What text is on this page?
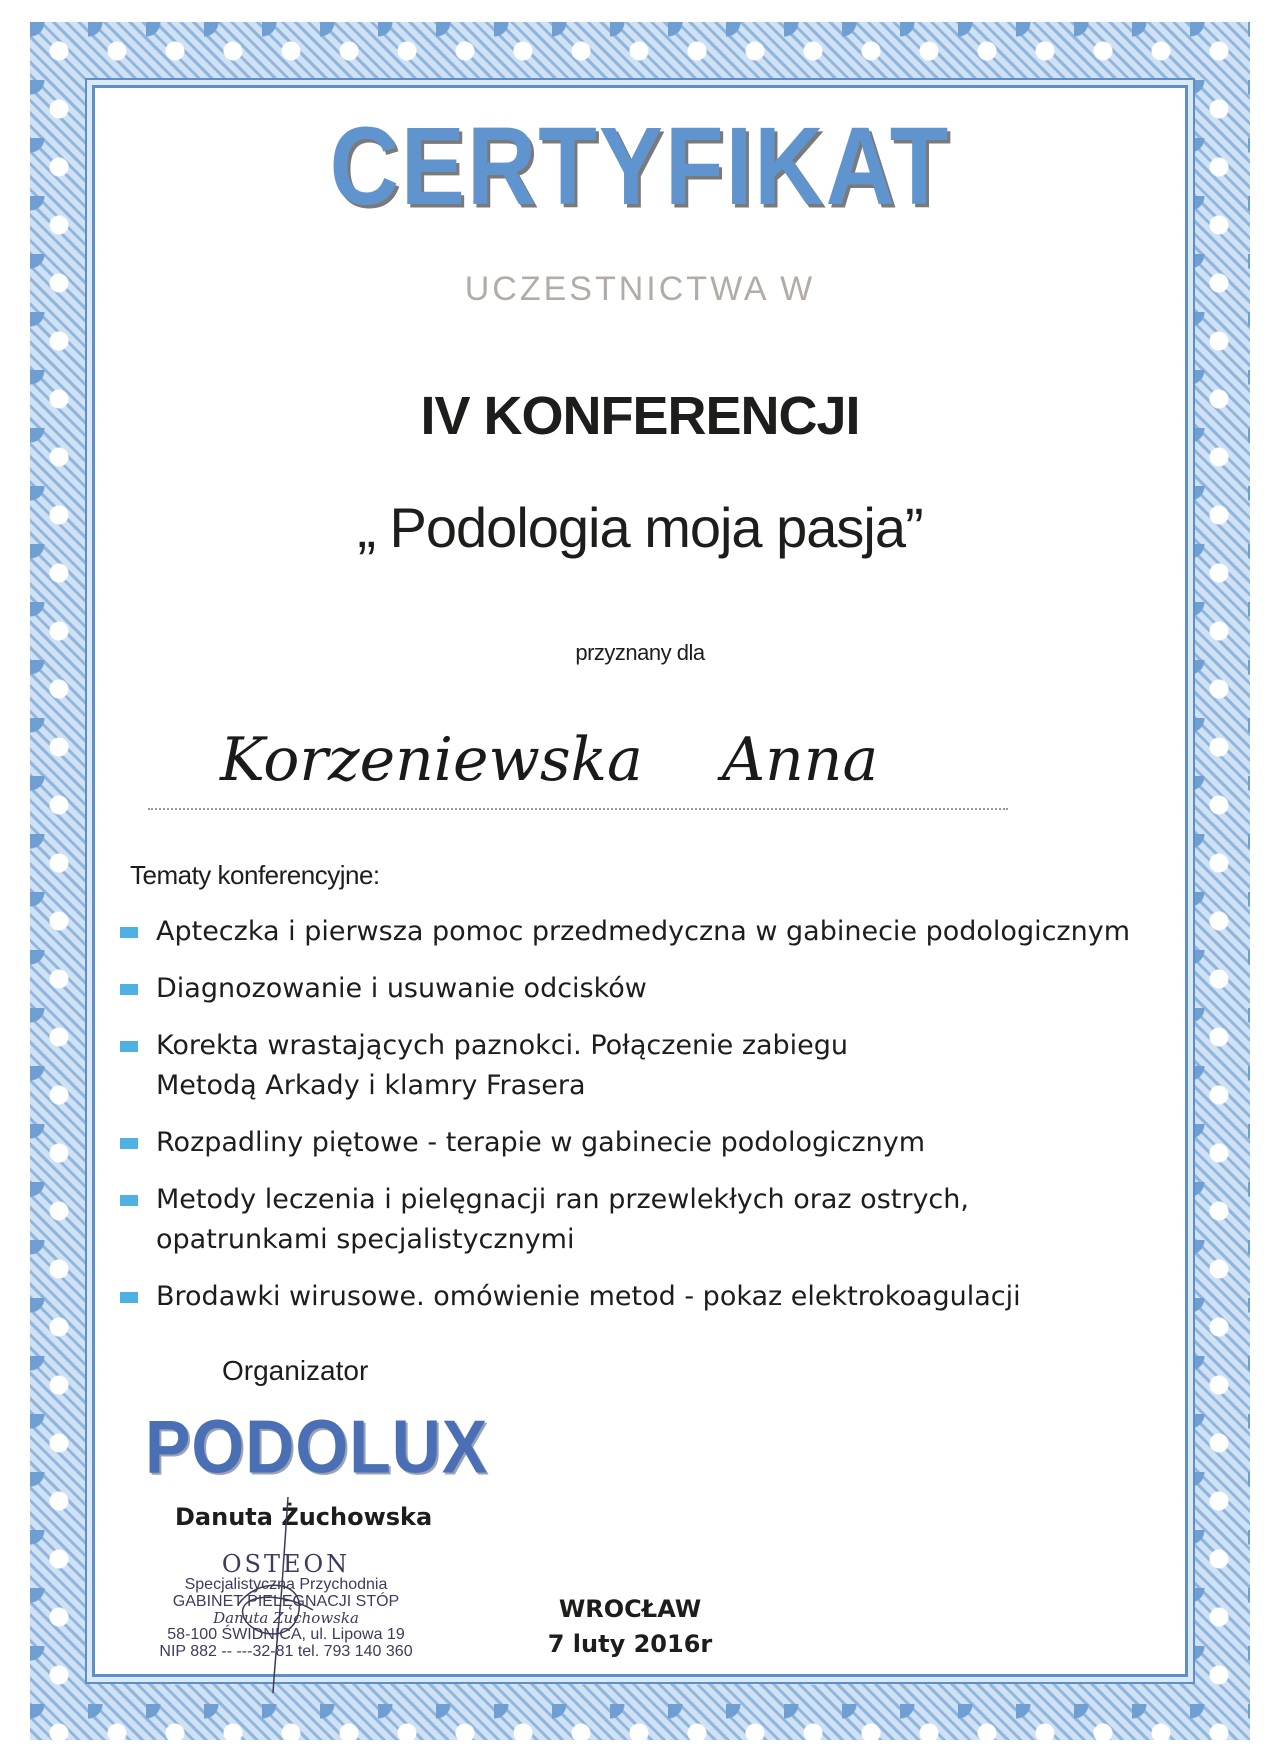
CERTYFIKAT
UCZESTNICTWA W
IV KONFERENCJI
„ Podologia moja pasja”
przyznany dla
Korzeniewska Anna
Tematy konferencyjne:
Apteczka i pierwsza pomoc przedmedyczna w gabinecie podologicznym
Diagnozowanie i usuwanie odcisków
Korekta wrastających paznokci. Połączenie zabiegu
Metodą Arkady i klamry Frasera
Rozpadliny piętowe - terapie w gabinecie podologicznym
Metody leczenia i pielęgnacji ran przewlekłych oraz ostrych,
opatrunkami specjalistycznymi
Brodawki wirusowe. omówienie metod - pokaz elektrokoagulacji
Organizator
PODOLUX
Danuta Żuchowska
OSTEON
Specjalistyczna Przychodnia
GABINET PIELĘGNACJI STÓP
Danuta Żuchowska
58-100 ŚWIDNICA, ul. Lipowa 19
NIP 882 -- ---32-81 tel. 793 140 360
WROCŁAW
7 luty 2016r
